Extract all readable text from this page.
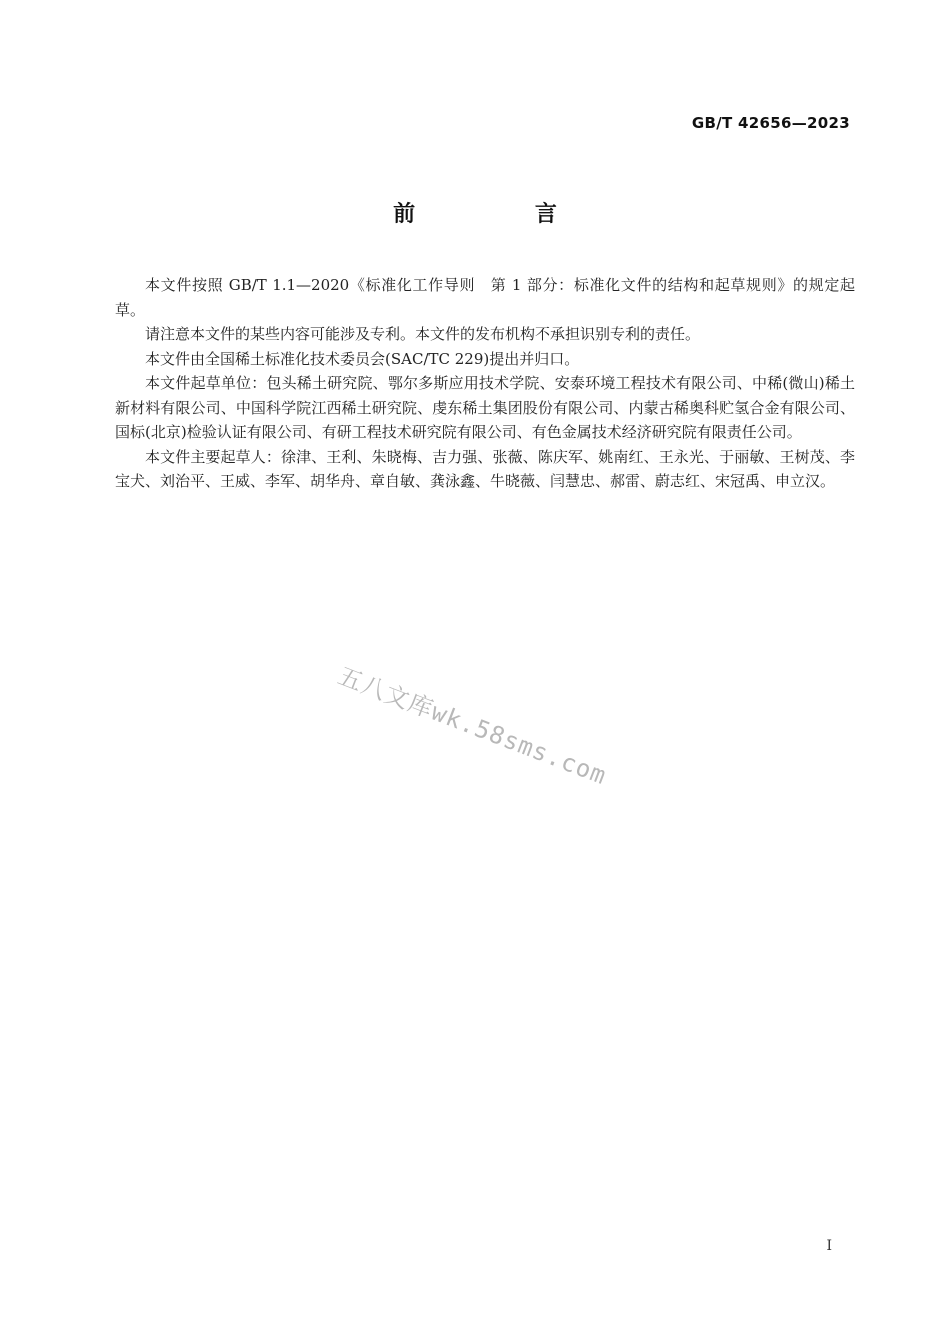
GB/T 42656—2023
前 言

本文件按照 GB/T 1.1—2020《标准化工作导则　第 1 部分：标准化文件的结构和起草规则》的规定起草。

请注意本文件的某些内容可能涉及专利。本文件的发布机构不承担识别专利的责任。

本文件由全国稀土标准化技术委员会(SAC/TC 229)提出并归口。

本文件起草单位：包头稀土研究院、鄂尔多斯应用技术学院、安泰环境工程技术有限公司、中稀(微山)稀土新材料有限公司、中国科学院江西稀土研究院、虔东稀土集团股份有限公司、内蒙古稀奥科贮氢合金有限公司、国标(北京)检验认证有限公司、有研工程技术研究院有限公司、有色金属技术经济研究院有限责任公司。

本文件主要起草人：徐津、王利、朱晓梅、吉力强、张薇、陈庆军、姚南红、王永光、于丽敏、王树茂、李宝犬、刘治平、王威、李军、胡华舟、章自敏、龚泳鑫、牛晓薇、闫慧忠、郝雷、蔚志红、宋冠禹、申立汉。

五八文库wk.58sms.com
I
